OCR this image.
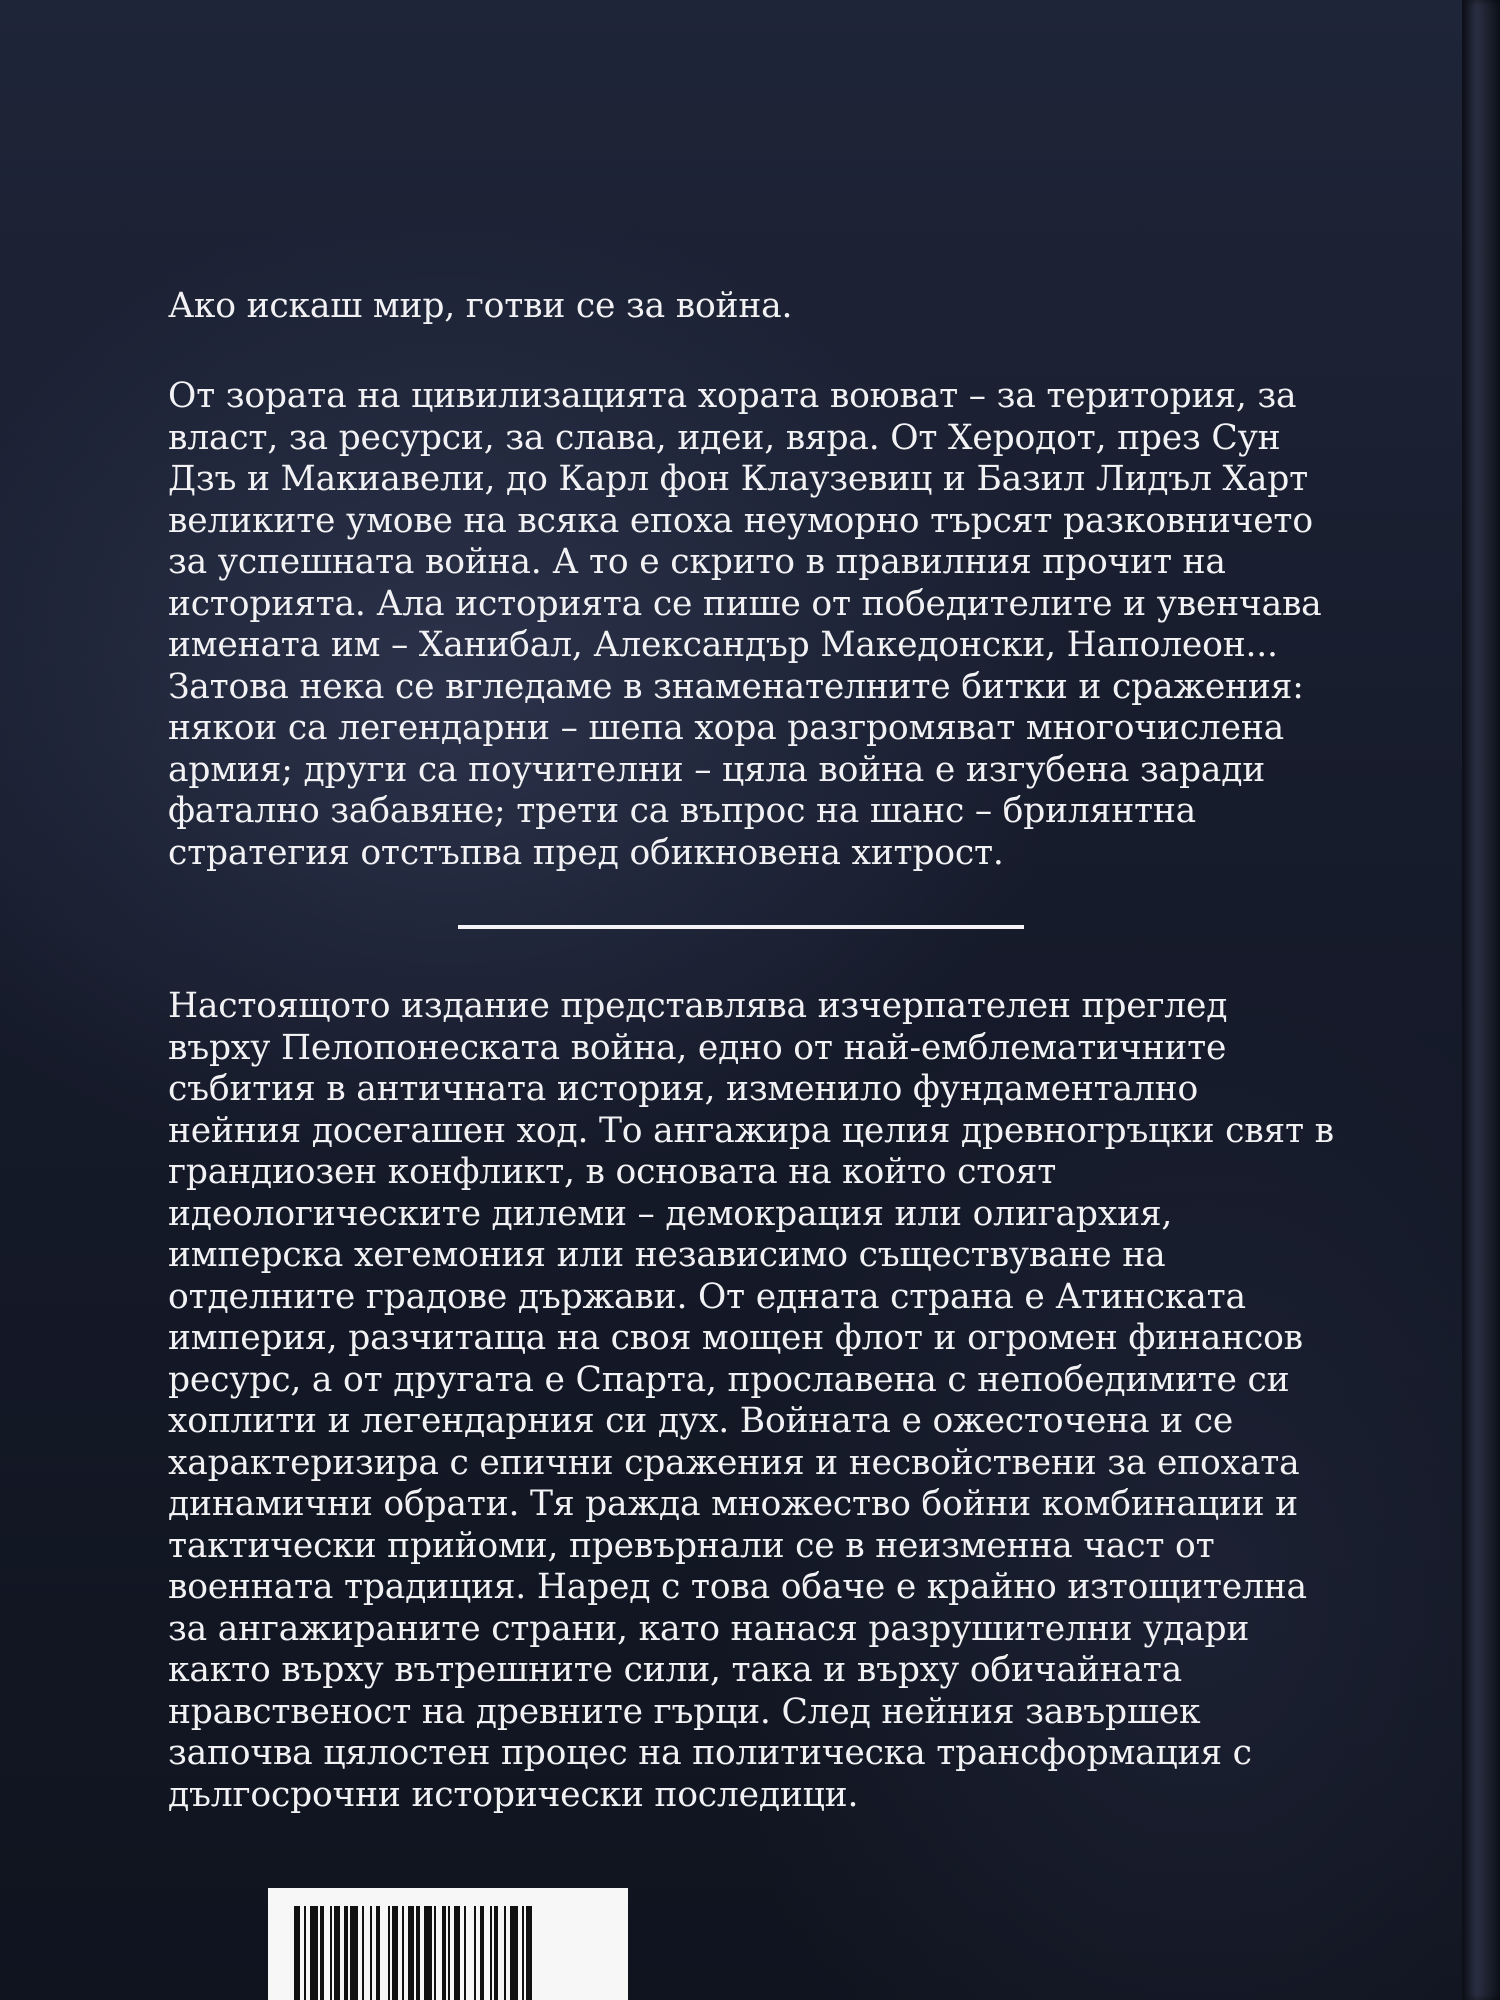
Ако искаш мир, готви се за война.

От зората на цивилизацията хората воюват – за територия, за власт, за ресурси, за слава, идеи, вяра. От Херодот, през Сун Дзъ и Макиавели, до Карл фон Клаузевиц и Базил Лидъл Харт великите умове на всяка епоха неуморно търсят разковничето за успешната война. А то е скрито в правилния прочит на историята. Ала историята се пише от победителите и увенчава имената им – Ханибал, Александър Македонски, Наполеон... Затова нека се вгледаме в знаменателните битки и сражения: някои са легендарни – шепа хора разгромяват многочислена армия; други са поучителни – цяла война е изгубена заради фатално забавяне; трети са въпрос на шанс – брилянтна стратегия отстъпва пред обикновена хитрост.

Настоящото издание представлява изчерпателен преглед върху Пелопонеската война, едно от най-емблематичните събития в античната история, изменило фундаментално нейния досегашен ход. То ангажира целия древногръцки свят в грандиозен конфликт, в основата на който стоят идеологическите дилеми – демокрация или олигархия, имперска хегемония или независимо съществуване на отделните градове държави. От едната страна е Атинската империя, разчитаща на своя мощен флот и огромен финансов ресурс, а от другата е Спарта, прославена с непобедимите си хоплити и легендарния си дух. Войната е ожесточена и се характеризира с епични сражения и несвойствени за епохата динамични обрати. Тя ражда множество бойни комбинации и тактически прийоми, превърнали се в неизменна част от военната традиция. Наред с това обаче е крайно изтощителна за ангажираните страни, като нанася разрушителни удари както върху вътрешните сили, така и върху обичайната нравственост на древните гърци. След нейния завършек започва цялостен процес на политическа трансформация с дългосрочни исторически последици.
